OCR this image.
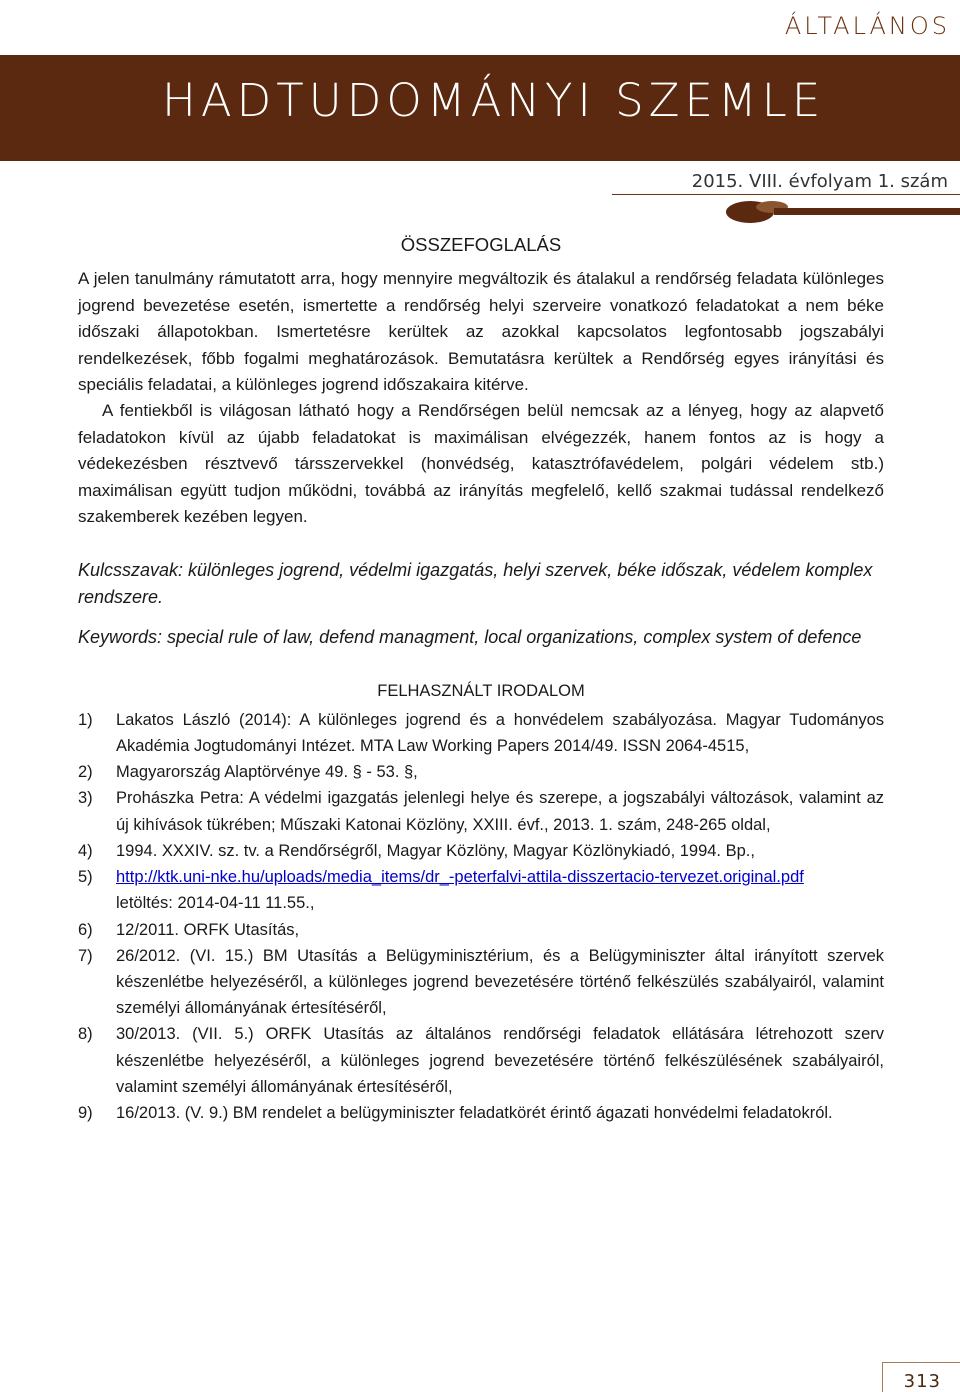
ÁLTALÁNOS
HADTUDOMÁNYI SZEMLE
2015. VIII. évfolyam 1. szám
ÖSSZEFOGLALÁS

A jelen tanulmány rámutatott arra, hogy mennyire megváltozik és átalakul a rendőrség feladata különleges jogrend bevezetése esetén, ismertette a rendőrség helyi szerveire vonatkozó feladatokat a nem béke időszaki állapotokban. Ismertetésre kerültek az azokkal kapcsolatos legfontosabb jogszabályi rendelkezések, főbb fogalmi meghatározások. Bemutatásra kerültek a Rendőrség egyes irányítási és speciális feladatai, a különleges jogrend időszakaira kitérve.

A fentiekből is világosan látható hogy a Rendőrségen belül nemcsak az a lényeg, hogy az alapvető feladatokon kívül az újabb feladatokat is maximálisan elvégezzék, hanem fontos az is hogy a védekezésben résztvevő társszervekkel (honvédség, katasztrófavédelem, polgári védelem stb.) maximálisan együtt tudjon működni, továbbá az irányítás megfelelő, kellő szakmai tudással rendelkező szakemberek kezében legyen.

Kulcsszavak: különleges jogrend, védelmi igazgatás, helyi szervek, béke időszak, védelem komplex rendszere.

Keywords: special rule of law, defend managment, local organizations, complex system of defence

FELHASZNÁLT IRODALOM
1) Lakatos László (2014): A különleges jogrend és a honvédelem szabályozása. Magyar Tudományos Akadémia Jogtudományi Intézet. MTA Law Working Papers 2014/49. ISSN 2064-4515,
2) Magyarország Alaptörvénye 49. § - 53. §,
3) Prohászka Petra: A védelmi igazgatás jelenlegi helye és szerepe, a jogszabályi változások, valamint az új kihívások tükrében; Műszaki Katonai Közlöny, XXIII. évf., 2013. 1. szám, 248-265 oldal,
4) 1994. XXXIV. sz. tv. a Rendőrségről, Magyar Közlöny, Magyar Közlönykiadó, 1994. Bp.,
5) http://ktk.uni-nke.hu/uploads/media_items/dr_-peterfalvi-attila-disszertacio-tervezet.original.pdf
letöltés: 2014-04-11 11.55.,
6) 12/2011. ORFK Utasítás,
7) 26/2012. (VI. 15.) BM Utasítás a Belügyminisztérium, és a Belügyminiszter által irányított szervek készenlétbe helyezéséről, a különleges jogrend bevezetésére történő felkészülés szabályairól, valamint személyi állományának értesítéséről,
8) 30/2013. (VII. 5.) ORFK Utasítás az általános rendőrségi feladatok ellátására létrehozott szerv készenlétbe helyezéséről, a különleges jogrend bevezetésére történő felkészülésének szabályairól, valamint személyi állományának értesítéséről,
9) 16/2013. (V. 9.) BM rendelet a belügyminiszter feladatkörét érintő ágazati honvédelmi feladatokról.
313
